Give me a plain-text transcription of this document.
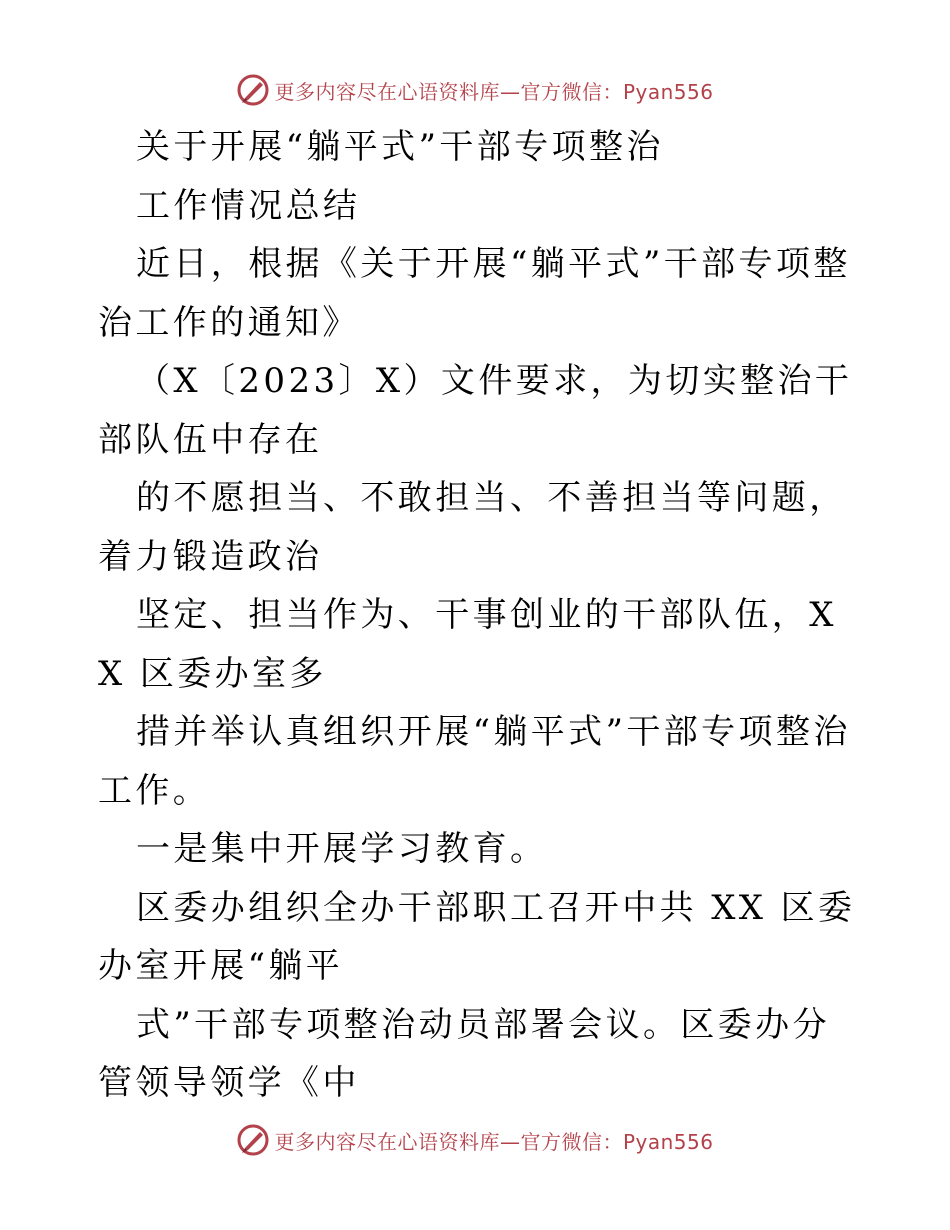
更多内容尽在心语资料库—官方微信：Pyan556

关于开展“躺平式”干部专项整治

工作情况总结

近日，根据《关于开展“躺平式”干部专项整治工作的通知》

（X〔2023〕X）文件要求，为切实整治干部队伍中存在

的不愿担当、不敢担当、不善担当等问题，着力锻造政治

坚定、担当作为、干事创业的干部队伍，XX 区委办室多

措并举认真组织开展“躺平式”干部专项整治工作。

一是集中开展学习教育。

区委办组织全办干部职工召开中共 XX 区委办室开展“躺平

式”干部专项整治动员部署会议。区委办分管领导领学《中

更多内容尽在心语资料库—官方微信：Pyan556
